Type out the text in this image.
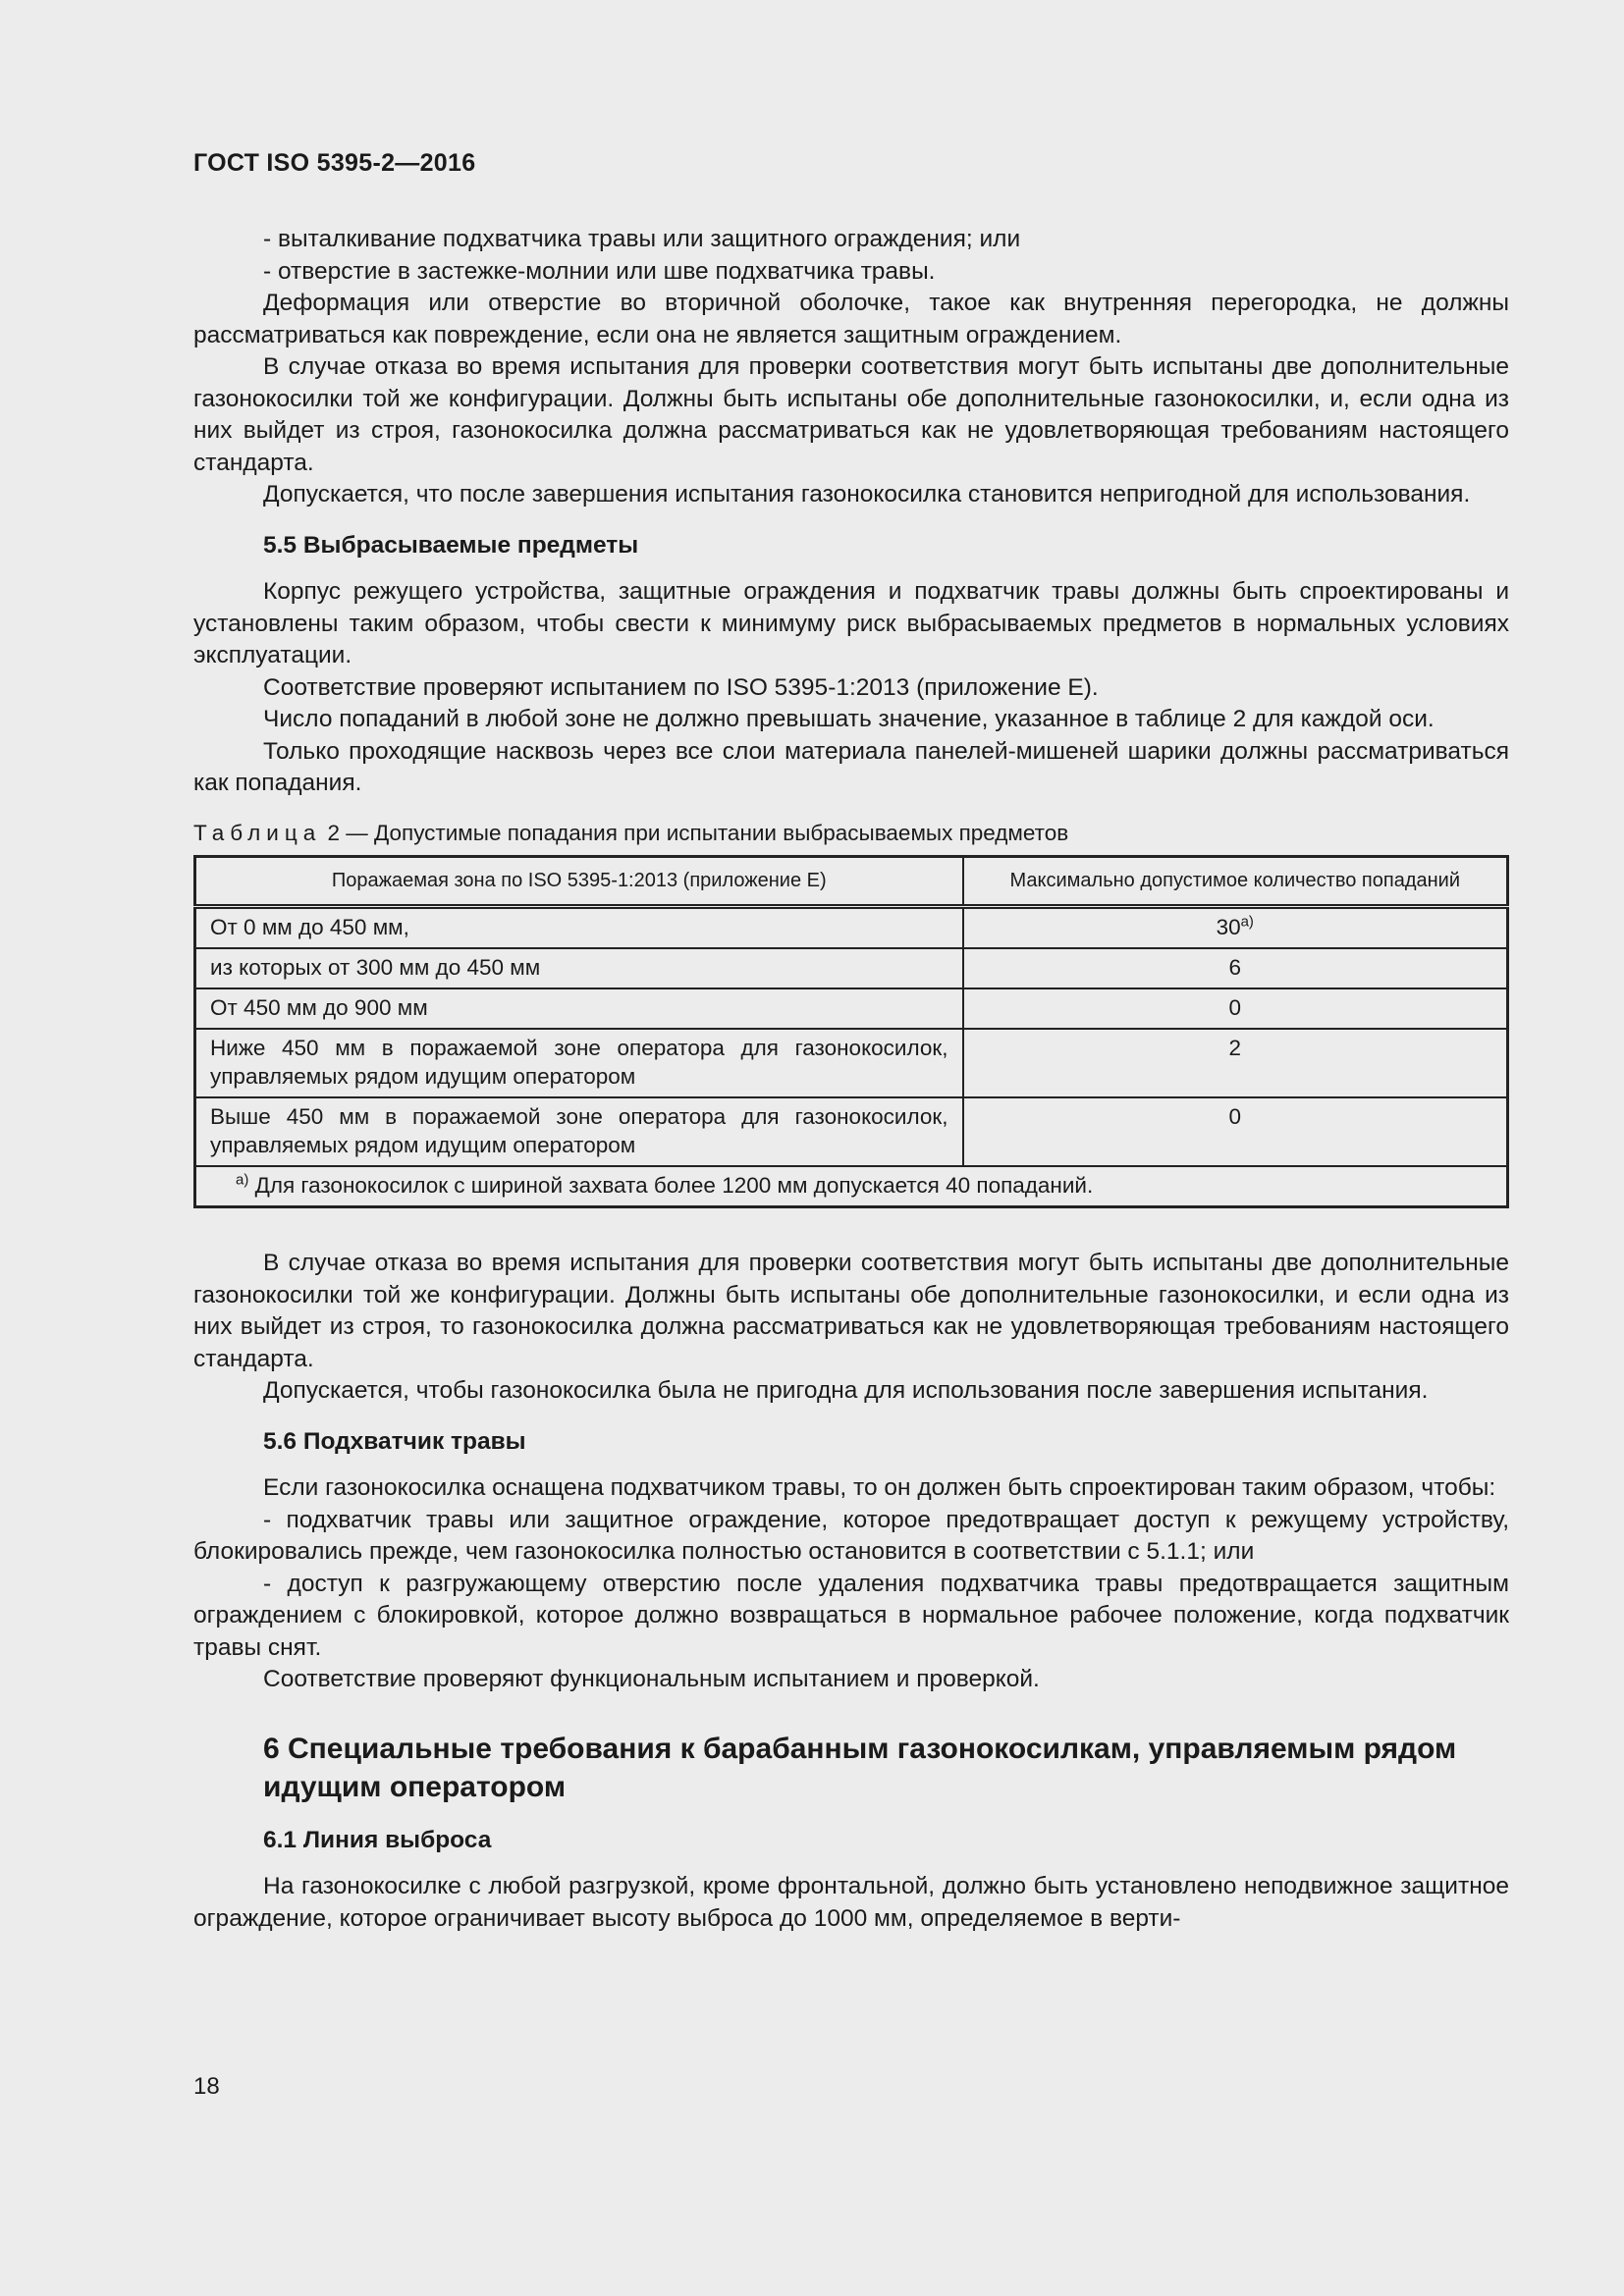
ГОСТ ISO 5395-2—2016

- выталкивание подхватчика травы или защитного ограждения; или

- отверстие в застежке-молнии или шве подхватчика травы.

Деформация или отверстие во вторичной оболочке, такое как внутренняя перегородка, не должны рассматриваться как повреждение, если она не является защитным ограждением.

В случае отказа во время испытания для проверки соответствия могут быть испытаны две дополнительные газонокосилки той же конфигурации. Должны быть испытаны обе дополнительные газонокосилки, и, если одна из них выйдет из строя, газонокосилка должна рассматриваться как не удовлетворяющая требованиям настоящего стандарта.

Допускается, что после завершения испытания газонокосилка становится непригодной для использования.

5.5 Выбрасываемые предметы

Корпус режущего устройства, защитные ограждения и подхватчик травы должны быть спроектированы и установлены таким образом, чтобы свести к минимуму риск выбрасываемых предметов в нормальных условиях эксплуатации.

Соответствие проверяют испытанием по ISO 5395-1:2013 (приложение E).

Число попаданий в любой зоне не должно превышать значение, указанное в таблице 2 для каждой оси.

Только проходящие насквозь через все слои материала панелей-мишеней шарики должны рассматриваться как попадания.

Таблица 2 — Допустимые попадания при испытании выбрасываемых предметов

Поражаемая зона по ISO 5395-1:2013 (приложение E)	Максимально допустимое количество попаданий
От 0 мм до 450 мм,	30$^{a)}$
из которых от 300 мм до 450 мм	6
От 450 мм до 900 мм	0
Ниже 450 мм в поражаемой зоне оператора для газонокосилок, управляемых рядом идущим оператором	2
Выше 450 мм в поражаемой зоне оператора для газонокосилок, управляемых рядом идущим оператором	0
$^{a)}$ Для газонокосилок с шириной захвата более 1200 мм допускается 40 попаданий.	

В случае отказа во время испытания для проверки соответствия могут быть испытаны две дополнительные газонокосилки той же конфигурации. Должны быть испытаны обе дополнительные газонокосилки, и если одна из них выйдет из строя, то газонокосилка должна рассматриваться как не удовлетворяющая требованиям настоящего стандарта.

Допускается, чтобы газонокосилка была не пригодна для использования после завершения испытания.

5.6 Подхватчик травы

Если газонокосилка оснащена подхватчиком травы, то он должен быть спроектирован таким образом, чтобы:

- подхватчик травы или защитное ограждение, которое предотвращает доступ к режущему устройству, блокировались прежде, чем газонокосилка полностью остановится в соответствии с 5.1.1; или

- доступ к разгружающему отверстию после удаления подхватчика травы предотвращается защитным ограждением с блокировкой, которое должно возвращаться в нормальное рабочее положение, когда подхватчик травы снят.

Соответствие проверяют функциональным испытанием и проверкой.

6 Специальные требования к барабанным газонокосилкам, управляемым рядом идущим оператором

6.1 Линия выброса

На газонокосилке с любой разгрузкой, кроме фронтальной, должно быть установлено неподвижное защитное ограждение, которое ограничивает высоту выброса до 1000 мм, определяемое в верти-

18
